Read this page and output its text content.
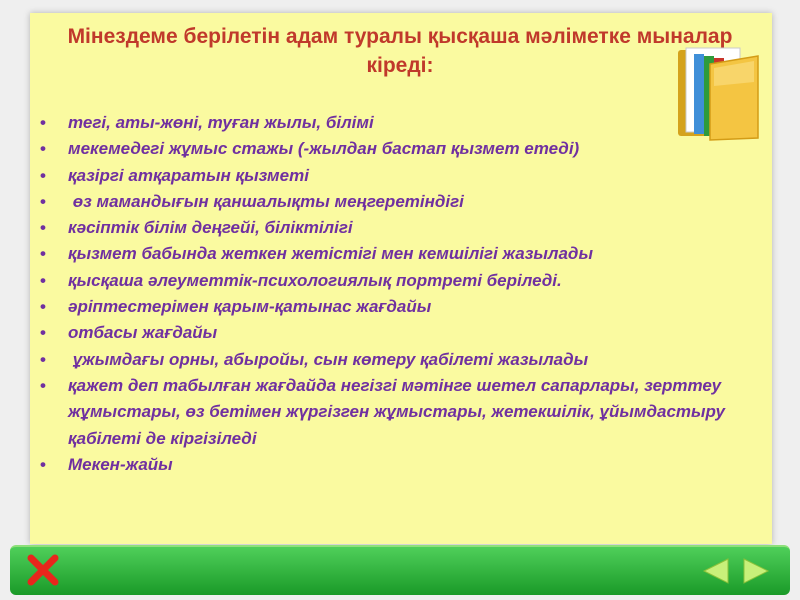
Мінездеме берілетін адам туралы қысқаша мәліметке мыналар кіреді:
• тегі, аты-жөні, туған жылы, білімі
• мекемедегі жұмыс стажы (-жылдан бастап қызмет етеді)
• қазіргі атқаратын қызметі
• өз мамандығын қаншалықты меңгеретіндігі
• кәсіптік білім деңгейі, біліктілігі
• қызмет бабында жеткен жетістігі мен кемшілігі жазылады
• қысқаша әлеуметтік-психологиялық портреті беріледі.
• әріптестерімен қарым-қатынас жағдайы
• отбасы жағдайы
• ұжымдағы орны, абыройы, сын көтеру қабілеті жазылады
• қажет деп табылған жағдайда негізгі мәтінге шетел сапарлары, зерттеу жұмыстары, өз бетімен жүргізген жұмыстары, жетекшілік, ұйымдастыру қабілеті де кіргізіледі
• Мекен-жайы
